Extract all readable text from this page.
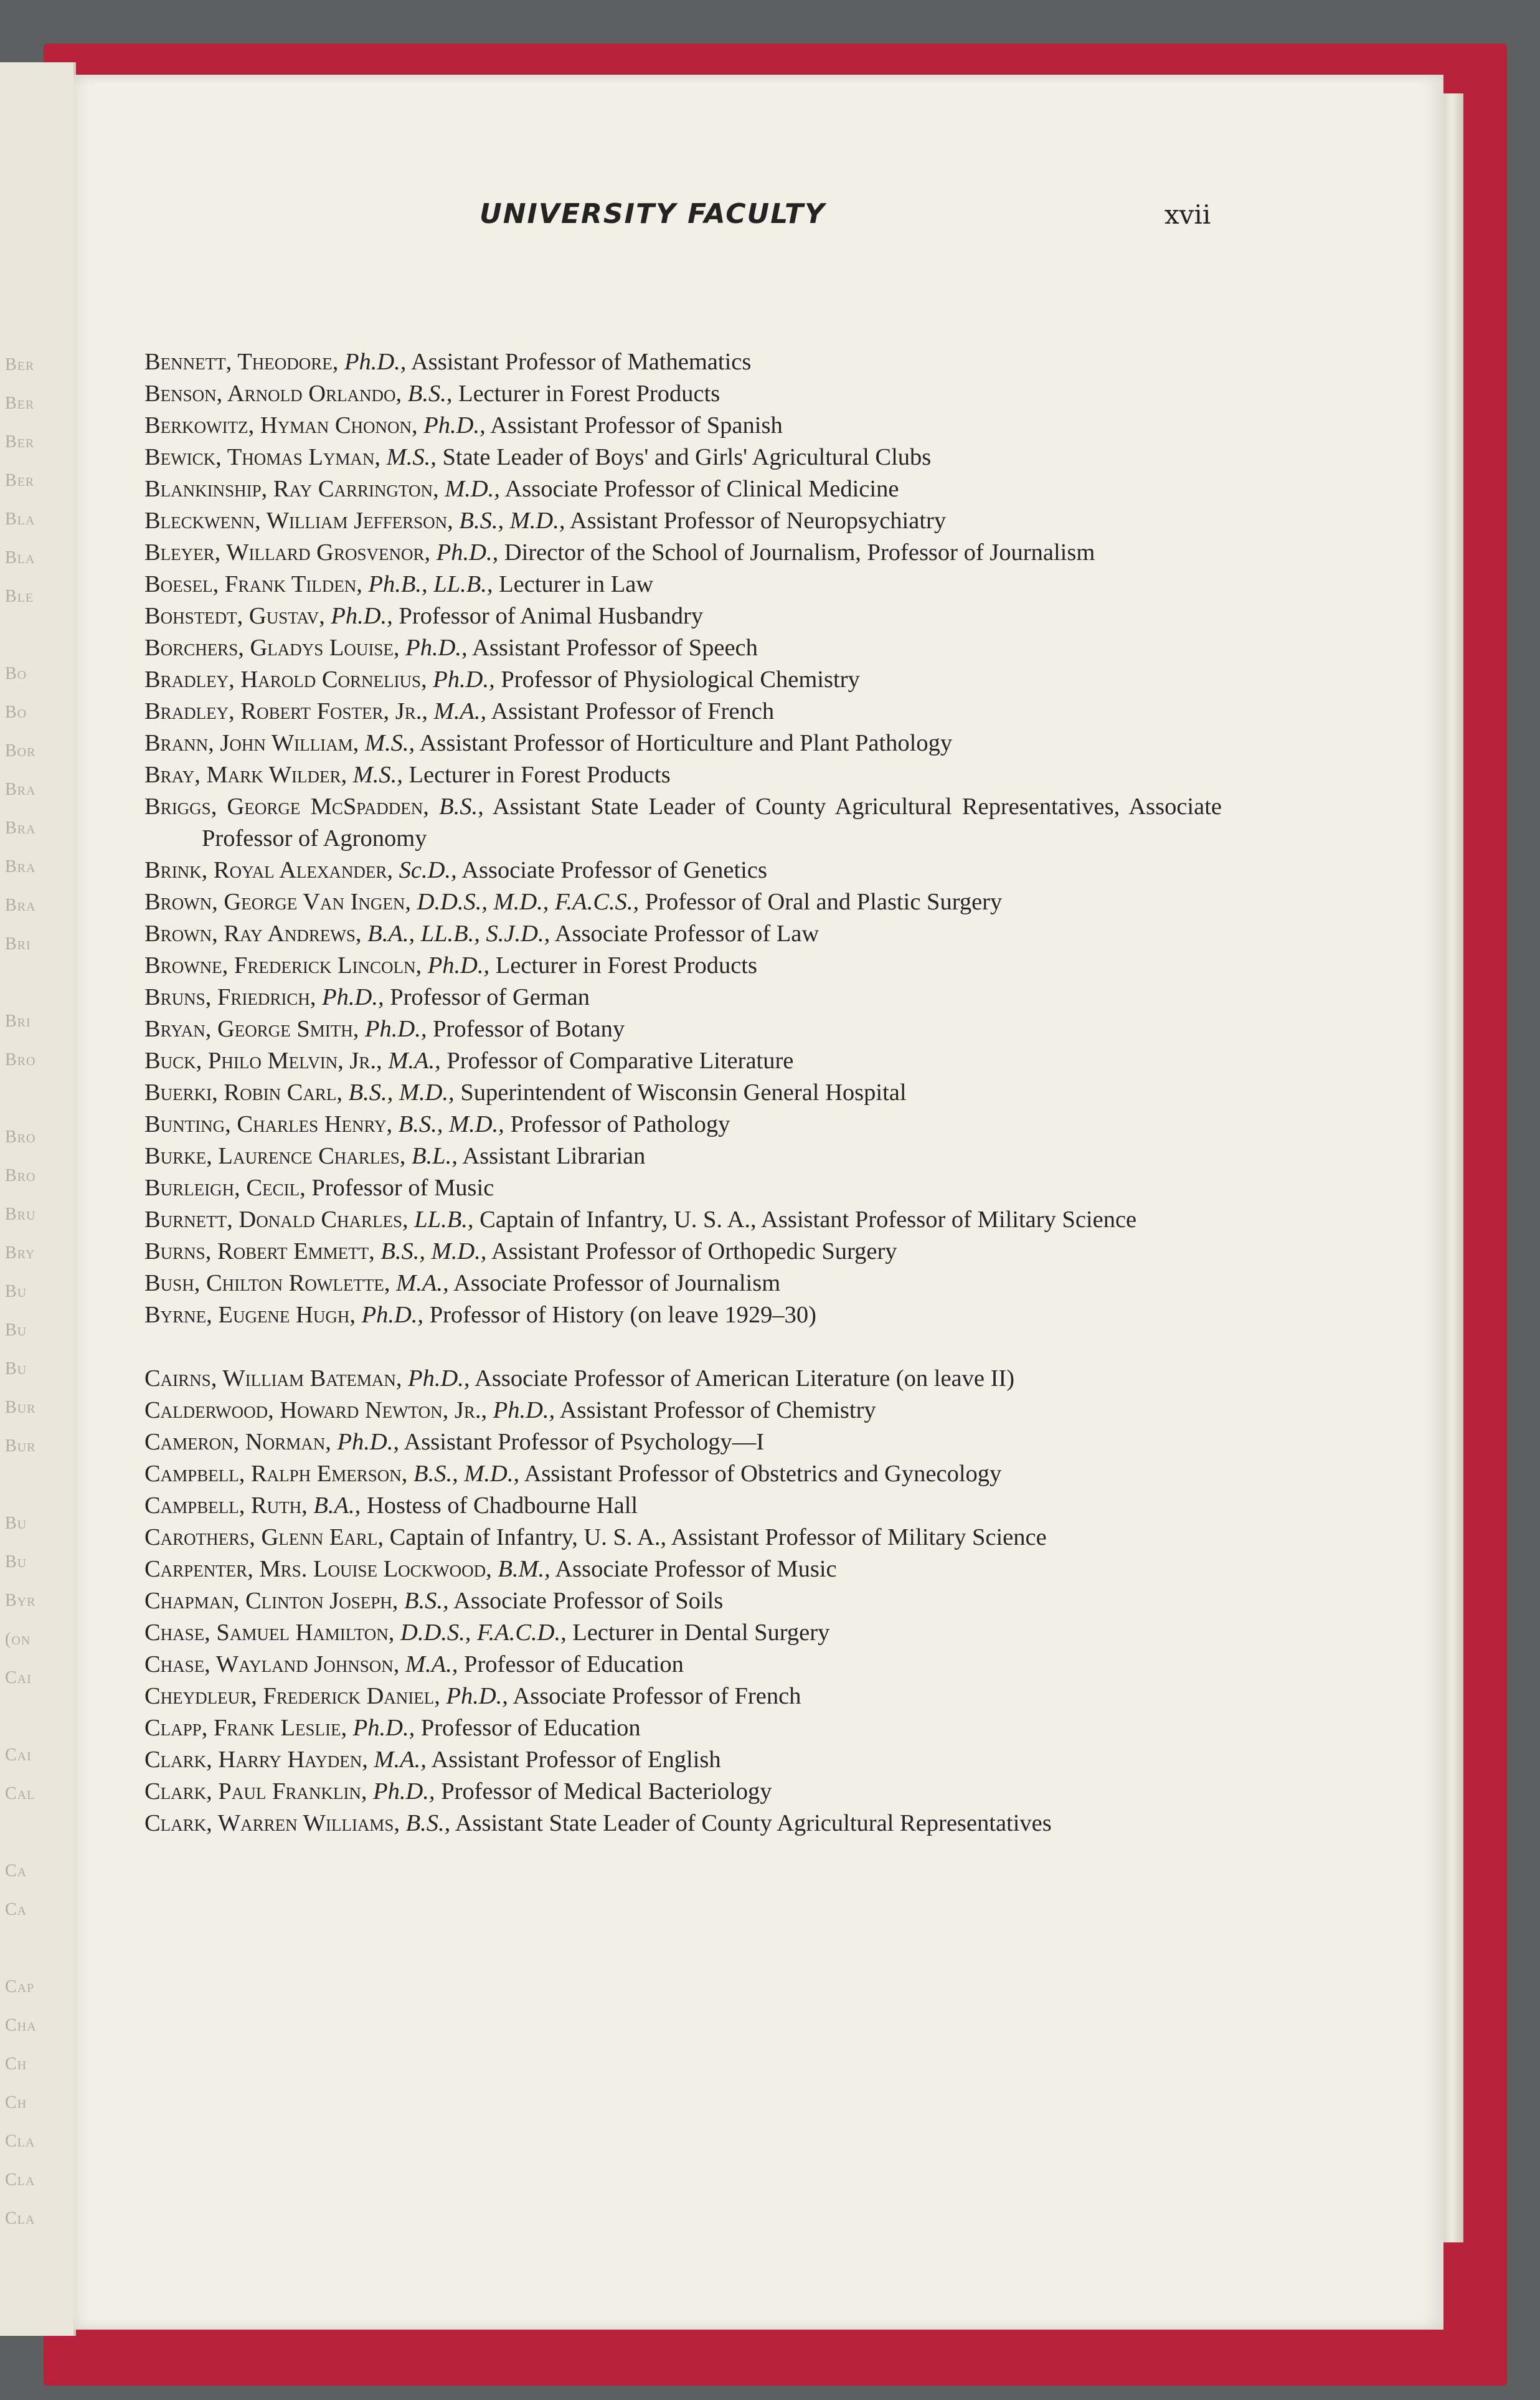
Ber
Ber
Ber
Ber
Bla
Bla
Ble
Bo
Bo
Bor
Bra
Bra
Bra
Bra
Bri
Bri
Bro
Bro
Bro
Bru
Bry
Bu
Bu
Bu
Bur
Bur
Bu
Bu
Byr
(on
Cai
Cai
Cal
Ca
Ca
Cap
Cha
Ch
Ch
Cla
Cla
Cla
UNIVERSITY FACULTY	xvii
Bennett, Theodore, Ph.D., Assistant Professor of Mathematics
Benson, Arnold Orlando, B.S., Lecturer in Forest Products
Berkowitz, Hyman Chonon, Ph.D., Assistant Professor of Spanish
Bewick, Thomas Lyman, M.S., State Leader of Boys' and Girls' Agricultural Clubs
Blankinship, Ray Carrington, M.D., Associate Professor of Clinical Medicine
Bleckwenn, William Jefferson, B.S., M.D., Assistant Professor of Neuropsychiatry
Bleyer, Willard Grosvenor, Ph.D., Director of the School of Journalism, Professor of Journalism
Boesel, Frank Tilden, Ph.B., LL.B., Lecturer in Law
Bohstedt, Gustav, Ph.D., Professor of Animal Husbandry
Borchers, Gladys Louise, Ph.D., Assistant Professor of Speech
Bradley, Harold Cornelius, Ph.D., Professor of Physiological Chemistry
Bradley, Robert Foster, Jr., M.A., Assistant Professor of French
Brann, John William, M.S., Assistant Professor of Horticulture and Plant Pathology
Bray, Mark Wilder, M.S., Lecturer in Forest Products
Briggs, George McSpadden, B.S., Assistant State Leader of County Agricultural Representatives, Associate Professor of Agronomy
Brink, Royal Alexander, Sc.D., Associate Professor of Genetics
Brown, George Van Ingen, D.D.S., M.D., F.A.C.S., Professor of Oral and Plastic Surgery
Brown, Ray Andrews, B.A., LL.B., S.J.D., Associate Professor of Law
Browne, Frederick Lincoln, Ph.D., Lecturer in Forest Products
Bruns, Friedrich, Ph.D., Professor of German
Bryan, George Smith, Ph.D., Professor of Botany
Buck, Philo Melvin, Jr., M.A., Professor of Comparative Literature
Buerki, Robin Carl, B.S., M.D., Superintendent of Wisconsin General Hospital
Bunting, Charles Henry, B.S., M.D., Professor of Pathology
Burke, Laurence Charles, B.L., Assistant Librarian
Burleigh, Cecil, Professor of Music
Burnett, Donald Charles, LL.B., Captain of Infantry, U. S. A., Assistant Professor of Military Science
Burns, Robert Emmett, B.S., M.D., Assistant Professor of Orthopedic Surgery
Bush, Chilton Rowlette, M.A., Associate Professor of Journalism
Byrne, Eugene Hugh, Ph.D., Professor of History (on leave 1929–30)
Cairns, William Bateman, Ph.D., Associate Professor of American Literature (on leave II)
Calderwood, Howard Newton, Jr., Ph.D., Assistant Professor of Chemistry
Cameron, Norman, Ph.D., Assistant Professor of Psychology—I
Campbell, Ralph Emerson, B.S., M.D., Assistant Professor of Obstetrics and Gynecology
Campbell, Ruth, B.A., Hostess of Chadbourne Hall
Carothers, Glenn Earl, Captain of Infantry, U. S. A., Assistant Professor of Military Science
Carpenter, Mrs. Louise Lockwood, B.M., Associate Professor of Music
Chapman, Clinton Joseph, B.S., Associate Professor of Soils
Chase, Samuel Hamilton, D.D.S., F.A.C.D., Lecturer in Dental Surgery
Chase, Wayland Johnson, M.A., Professor of Education
Cheydleur, Frederick Daniel, Ph.D., Associate Professor of French
Clapp, Frank Leslie, Ph.D., Professor of Education
Clark, Harry Hayden, M.A., Assistant Professor of English
Clark, Paul Franklin, Ph.D., Professor of Medical Bacteriology
Clark, Warren Williams, B.S., Assistant State Leader of County Agricultural Representatives
